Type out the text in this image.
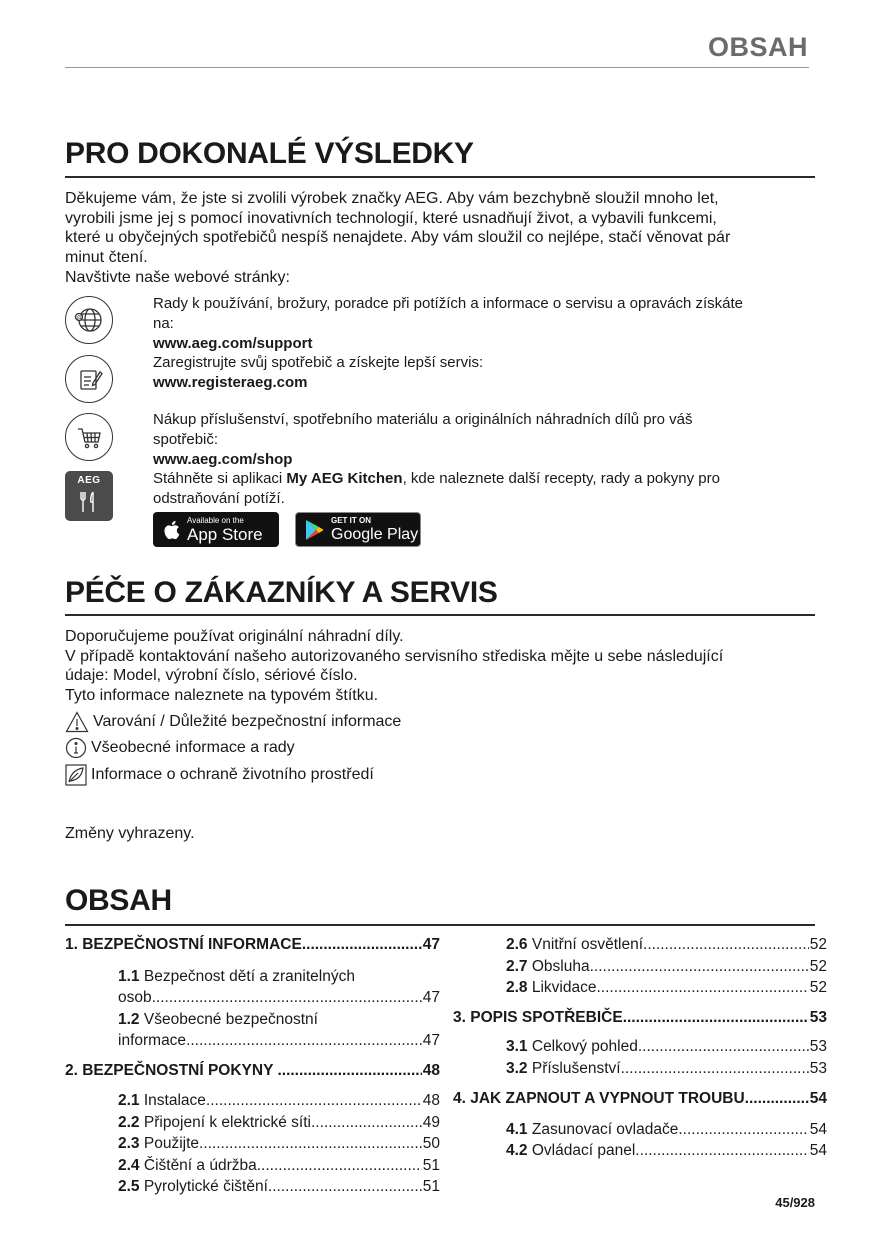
OBSAH
PRO DOKONALÉ VÝSLEDKY
Děkujeme vám, že jste si zvolili výrobek značky AEG. Aby vám bezchybně sloužil mnoho let,
vyrobili jsme jej s pomocí inovativních technologií, které usnadňují život, a vybavili funkcemi,
které u obyčejných spotřebičů nespíš nenajdete. Aby vám sloužil co nejlépe, stačí věnovat pár
minut čtení.
Navštivte naše webové stránky:
@
AEG
Rady k používání, brožury, poradce při potížích a informace o servisu a opravách získáte
na:
www.aeg.com/support
Zaregistrujte svůj spotřebič a získejte lepší servis:
www.registeraeg.com
Nákup příslušenství, spotřebního materiálu a originálních náhradních dílů pro váš
spotřebič:
www.aeg.com/shop
Stáhněte si aplikaci My AEG Kitchen, kde naleznete další recepty, rady a pokyny pro
odstraňování potíží.
Available on the
App Store
GET IT ON
Google Play
PÉČE O ZÁKAZNÍKY A SERVIS
Doporučujeme používat originální náhradní díly.
V případě kontaktování našeho autorizovaného servisního střediska mějte u sebe následující
údaje: Model, výrobní číslo, sériové číslo.
Tyto informace naleznete na typovém štítku.
Varování / Důležité bezpečnostní informace
Všeobecné informace a rady
Informace o ochraně životního prostředí
Změny vyhrazeny.
OBSAH
1. BEZPEČNOSTNÍ INFORMACE .....	47
1.1 Bezpečnost dětí a zranitelných
osob .....	47
1.2 Všeobecné bezpečnostní
informace .....	47
2. BEZPEČNOSTNÍ POKYNY .....	48
2.1 Instalace .....	48
2.2 Připojení k elektrické síti .....	49
2.3 Použijte .....	50
2.4 Čištění a údržba .....	51
2.5 Pyrolytické čištění .....	51
2.6 Vnitřní osvětlení .....	52
2.7 Obsluha .....	52
2.8 Likvidace .....	52
3. POPIS SPOTŘEBIČE .....	53
3.1 Celkový pohled .....	53
3.2 Příslušenství .....	53
4. JAK ZAPNOUT A VYPNOUT TROUBU .....	54
4.1 Zasunovací ovladače .....	54
4.2 Ovládací panel .....	54
45/928
